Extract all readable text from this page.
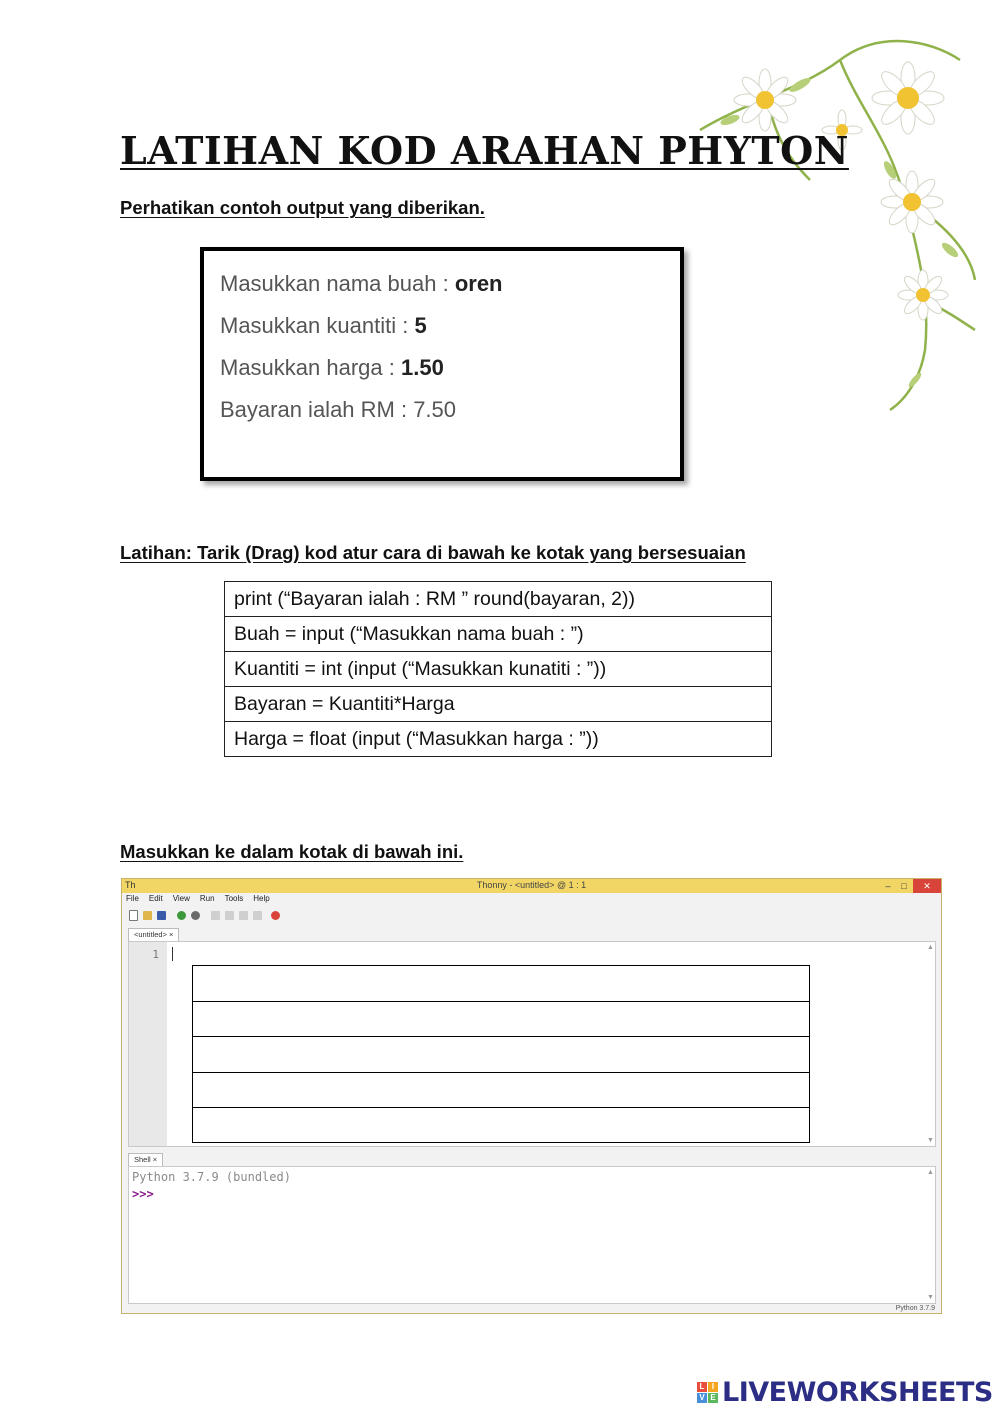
LATIHAN KOD ARAHAN PHYTON
Perhatikan contoh output yang diberikan.
Masukkan nama buah : oren
Masukkan kuantiti : 5
Masukkan harga : 1.50
Bayaran ialah RM : 7.50
Latihan: Tarik (Drag) kod atur cara di bawah ke kotak yang bersesuaian
print (“Bayaran ialah : RM ” round(bayaran, 2))
Buah = input (“Masukkan nama buah : ”)
Kuantiti = int (input (“Masukkan kunatiti : ”))
Bayaran = Kuantiti*Harga
Harga = float (input (“Masukkan harga : ”))
Masukkan ke dalam kotak di bawah ini.
Th	Thonny - <untitled> @ 1 : 1	–	□	✕
File Edit View Run Tools Help
<untitled> ×
1
▲
▼
Shell ×
Python 3.7.9 (bundled)
>>>
▲
▼
Python 3.7.9
L I
V E LIVEWORKSHEETS
